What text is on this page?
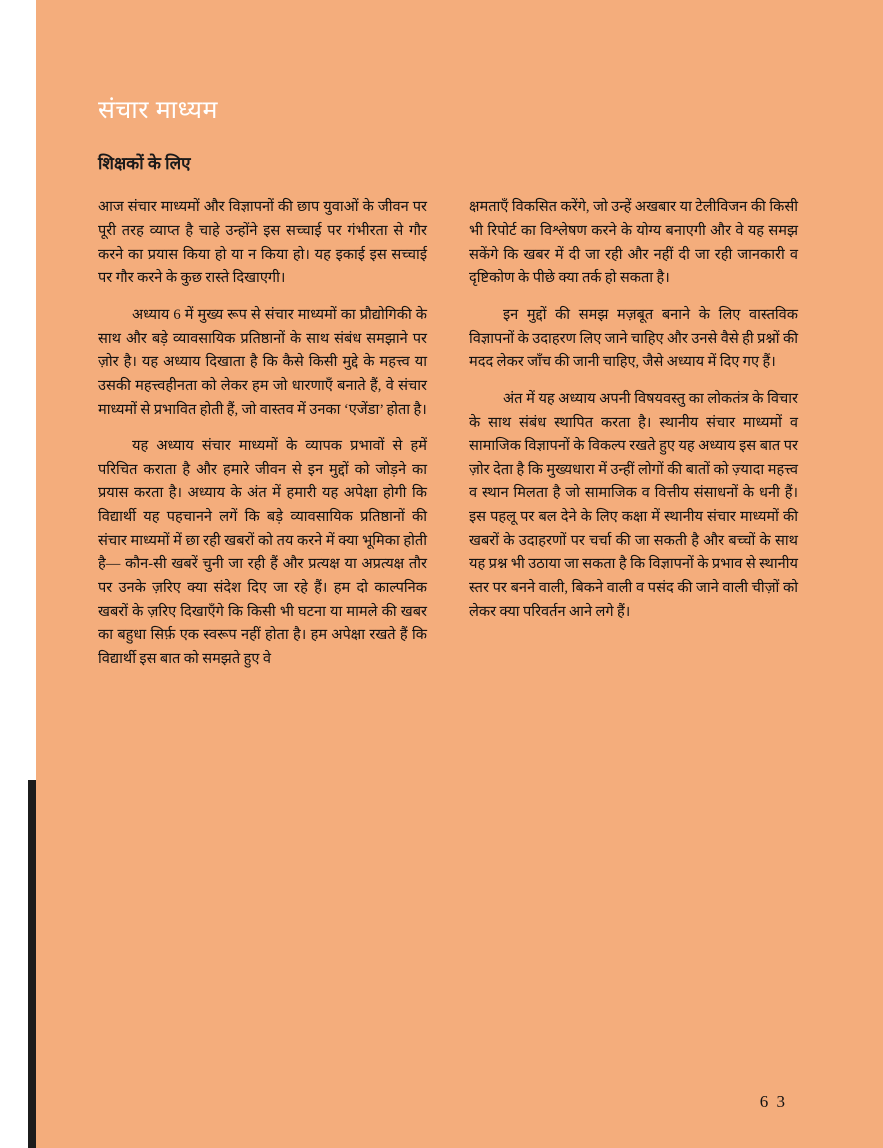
संचार माध्यम
शिक्षकों के लिए

आज संचार माध्यमों और विज्ञापनों की छाप युवाओं के जीवन पर पूरी तरह व्याप्त है चाहे उन्होंने इस सच्चाई पर गंभीरता से गौर करने का प्रयास किया हो या न किया हो। यह इकाई इस सच्चाई पर गौर करने के कुछ रास्ते दिखाएगी।

अध्याय 6 में मुख्य रूप से संचार माध्यमों का प्रौद्योगिकी के साथ और बड़े व्यावसायिक प्रतिष्ठानों के साथ संबंध समझाने पर ज़ोर है। यह अध्याय दिखाता है कि कैसे किसी मुद्दे के महत्त्व या उसकी महत्त्वहीनता को लेकर हम जो धारणाएँ बनाते हैं, वे संचार माध्यमों से प्रभावित होती हैं, जो वास्तव में उनका ‘एजेंडा’ होता है।

यह अध्याय संचार माध्यमों के व्यापक प्रभावों से हमें परिचित कराता है और हमारे जीवन से इन मुद्दों को जोड़ने का प्रयास करता है। अध्याय के अंत में हमारी यह अपेक्षा होगी कि विद्यार्थी यह पहचानने लगें कि बड़े व्यावसायिक प्रतिष्ठानों की संचार माध्यमों में छा रही खबरों को तय करने में क्या भूमिका होती है— कौन-सी खबरें चुनी जा रही हैं और प्रत्यक्ष या अप्रत्यक्ष तौर पर उनके ज़रिए क्या संदेश दिए जा रहे हैं। हम दो काल्पनिक खबरों के ज़रिए दिखाएँगे कि किसी भी घटना या मामले की खबर का बहुधा सिर्फ़ एक स्वरूप नहीं होता है। हम अपेक्षा रखते हैं कि विद्यार्थी इस बात को समझते हुए वे

क्षमताएँ विकसित करेंगे, जो उन्हें अखबार या टेलीविजन की किसी भी रिपोर्ट का विश्लेषण करने के योग्य बनाएगी और वे यह समझ सकेंगे कि खबर में दी जा रही और नहीं दी जा रही जानकारी व दृष्टिकोण के पीछे क्या तर्क हो सकता है।

इन मुद्दों की समझ मज़बूत बनाने के लिए वास्तविक विज्ञापनों के उदाहरण लिए जाने चाहिए और उनसे वैसे ही प्रश्नों की मदद लेकर जाँच की जानी चाहिए, जैसे अध्याय में दिए गए हैं।

अंत में यह अध्याय अपनी विषयवस्तु का लोकतंत्र के विचार के साथ संबंध स्थापित करता है। स्थानीय संचार माध्यमों व सामाजिक विज्ञापनों के विकल्प रखते हुए यह अध्याय इस बात पर ज़ोर देता है कि मुख्यधारा में उन्हीं लोगों की बातों को ज़्यादा महत्त्व व स्थान मिलता है जो सामाजिक व वित्तीय संसाधनों के धनी हैं। इस पहलू पर बल देने के लिए कक्षा में स्थानीय संचार माध्यमों की खबरों के उदाहरणों पर चर्चा की जा सकती है और बच्चों के साथ यह प्रश्न भी उठाया जा सकता है कि विज्ञापनों के प्रभाव से स्थानीय स्तर पर बनने वाली, बिकने वाली व पसंद की जाने वाली चीज़ों को लेकर क्या परिवर्तन आने लगे हैं।

6 3
